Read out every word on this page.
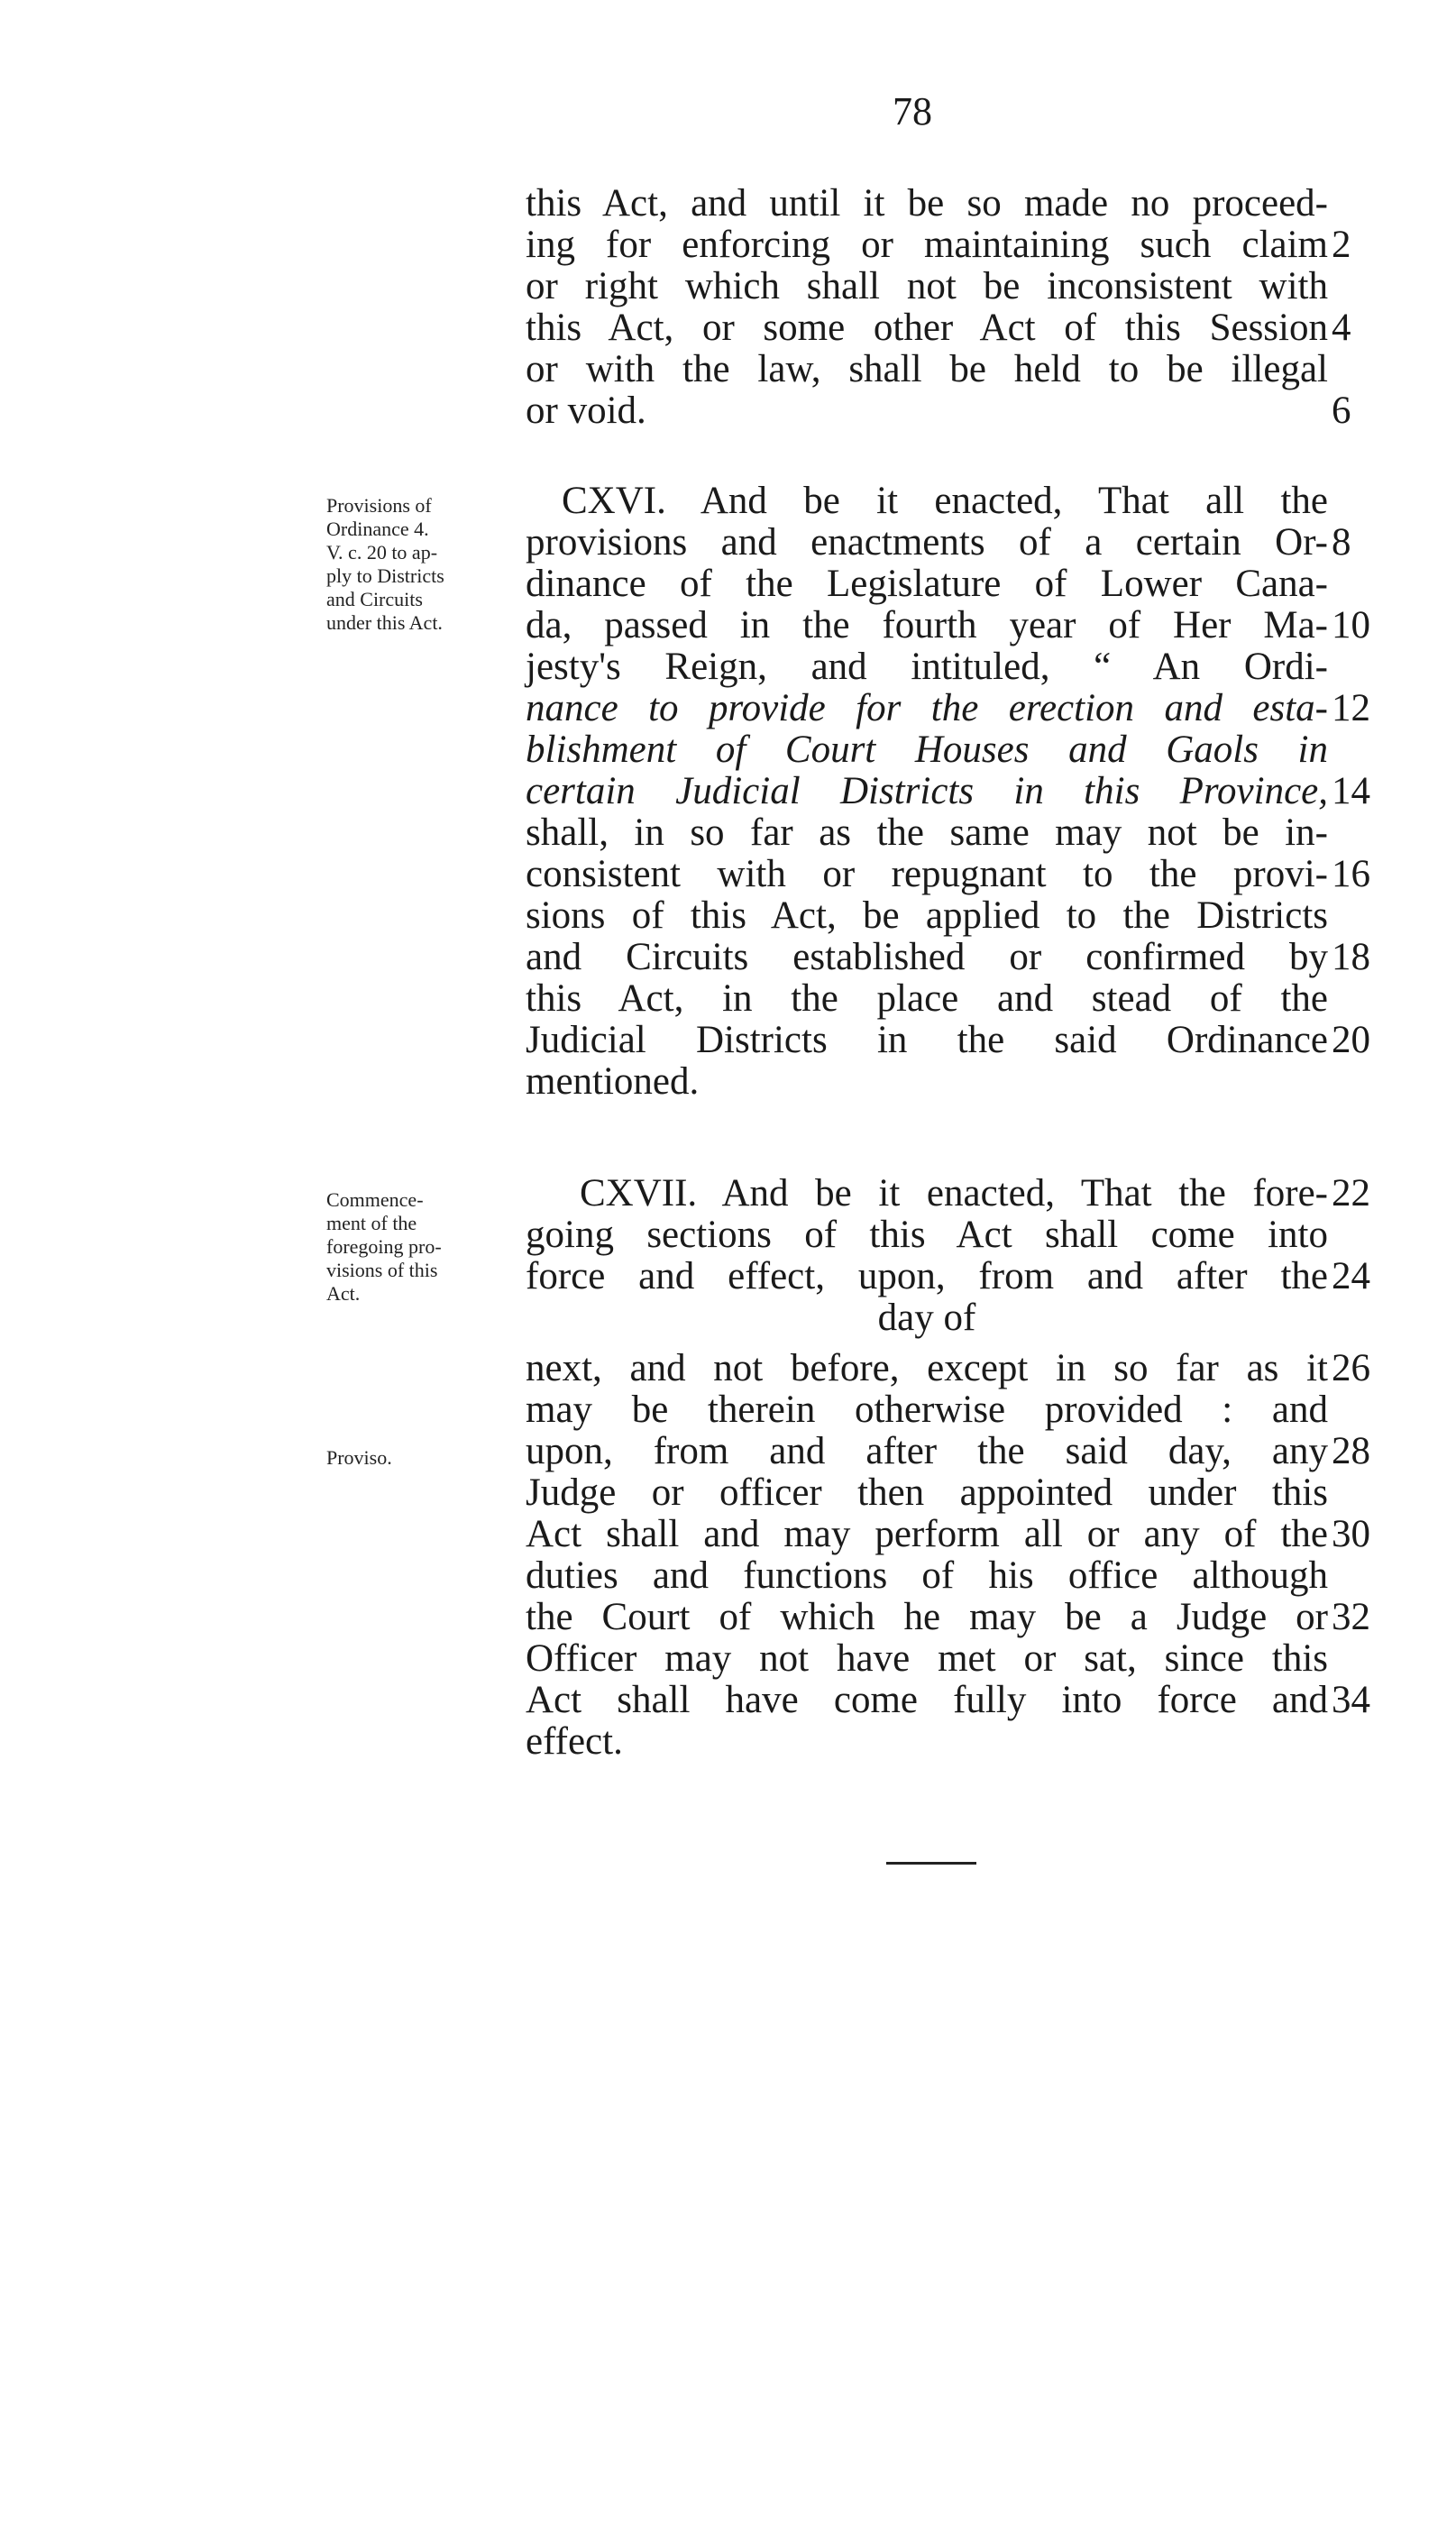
78
this Act, and until it be so made no proceed-
ing for enforcing or maintaining such claim
or right which shall not be inconsistent with
this Act, or some other Act of this Session
or with the law, shall be held to be illegal
or void.
CXVI. And be it enacted, That all the
provisions and enactments of a certain Or-
dinance of the Legislature of Lower Cana-
da, passed in the fourth year of Her Ma-
jesty's Reign, and intituled, “ An Ordi-
nance to provide for the erection and esta-
blishment of Court Houses and Gaols in
certain Judicial Districts in this Province,
shall, in so far as the same may not be in-
consistent with or repugnant to the provi-
sions of this Act, be applied to the Districts
and Circuits established or confirmed by
this Act, in the place and stead of the
Judicial Districts in the said Ordinance
mentioned.
CXVII. And be it enacted, That the fore-
going sections of this Act shall come into
force and effect, upon, from and after the
day of
next, and not before, except in so far as it
may be therein otherwise provided : and
upon, from and after the said day, any
Judge or officer then appointed under this
Act shall and may perform all or any of the
duties and functions of his office although
the Court of which he may be a Judge or
Officer may not have met or sat, since this
Act shall have come fully into force and
effect.
2
4
6
8
10
12
14
16
18
20
22
24
26
28
30
32
34
Provisions of
Ordinance 4.
V. c. 20 to ap-
ply to Districts
and Circuits
under this Act.
Commence-
ment of the
foregoing pro-
visions of this
Act.
Proviso.
